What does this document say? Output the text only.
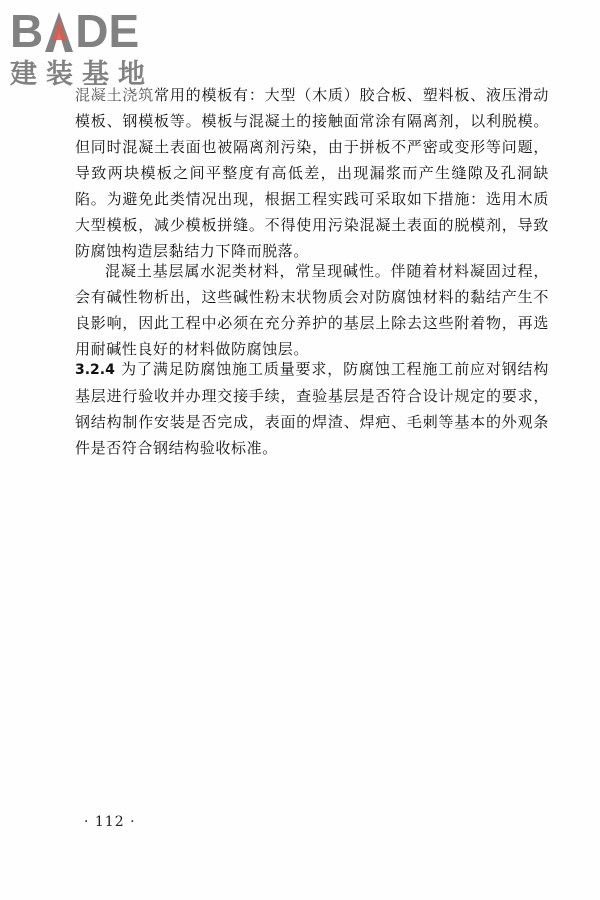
B DE
建装基地

混凝土浇筑常用的模板有：大型（木质）胶合板、塑料板、液压滑动模板、钢模板等。模板与混凝土的接触面常涂有隔离剂，以利脱模。但同时混凝土表面也被隔离剂污染，由于拼板不严密或变形等问题，导致两块模板之间平整度有高低差，出现漏浆而产生缝隙及孔洞缺陷。为避免此类情况出现，根据工程实践可采取如下措施：选用木质大型模板，减少模板拼缝。不得使用污染混凝土表面的脱模剂，导致防腐蚀构造层黏结力下降而脱落。

混凝土基层属水泥类材料，常呈现碱性。伴随着材料凝固过程，会有碱性物析出，这些碱性粉末状物质会对防腐蚀材料的黏结产生不良影响，因此工程中必须在充分养护的基层上除去这些附着物，再选用耐碱性良好的材料做防腐蚀层。

3.2.4 为了满足防腐蚀施工质量要求，防腐蚀工程施工前应对钢结构基层进行验收并办理交接手续，查验基层是否符合设计规定的要求，钢结构制作安装是否完成，表面的焊渣、焊疤、毛刺等基本的外观条件是否符合钢结构验收标准。

· 112 ·
